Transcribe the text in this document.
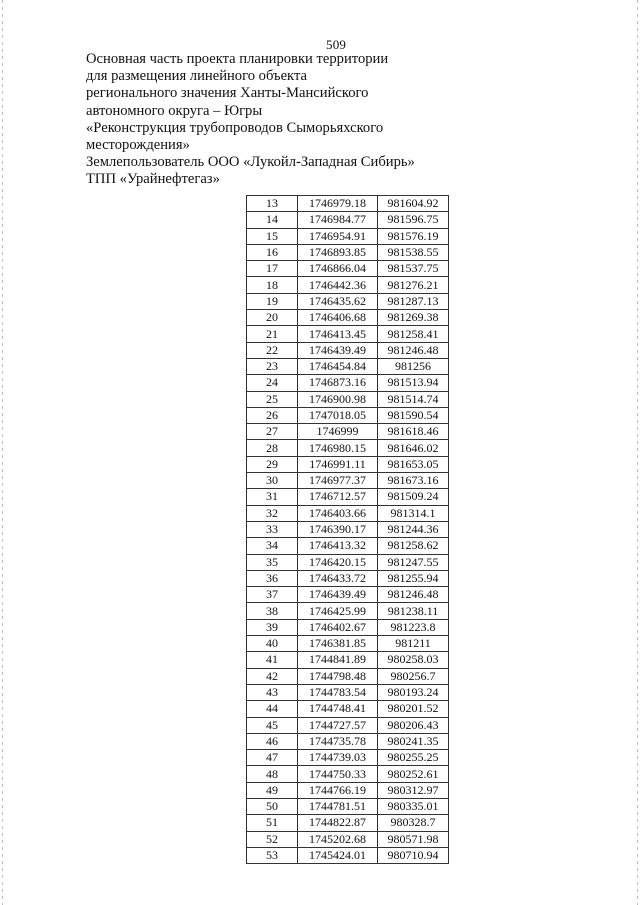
509
Основная часть проекта планировки территории
для размещения линейного объекта
регионального значения Ханты-Мансийского
автономного округа – Югры
«Реконструкция трубопроводов Сыморьяхского
месторождения»
Землепользователь ООО «Лукойл-Западная Сибирь»
ТПП «Урайнефтегаз»
13	1746979.18	981604.92
14	1746984.77	981596.75
15	1746954.91	981576.19
16	1746893.85	981538.55
17	1746866.04	981537.75
18	1746442.36	981276.21
19	1746435.62	981287.13
20	1746406.68	981269.38
21	1746413.45	981258.41
22	1746439.49	981246.48
23	1746454.84	981256
24	1746873.16	981513.94
25	1746900.98	981514.74
26	1747018.05	981590.54
27	1746999	981618.46
28	1746980.15	981646.02
29	1746991.11	981653.05
30	1746977.37	981673.16
31	1746712.57	981509.24
32	1746403.66	981314.1
33	1746390.17	981244.36
34	1746413.32	981258.62
35	1746420.15	981247.55
36	1746433.72	981255.94
37	1746439.49	981246.48
38	1746425.99	981238.11
39	1746402.67	981223.8
40	1746381.85	981211
41	1744841.89	980258.03
42	1744798.48	980256.7
43	1744783.54	980193.24
44	1744748.41	980201.52
45	1744727.57	980206.43
46	1744735.78	980241.35
47	1744739.03	980255.25
48	1744750.33	980252.61
49	1744766.19	980312.97
50	1744781.51	980335.01
51	1744822.87	980328.7
52	1745202.68	980571.98
53	1745424.01	980710.94
